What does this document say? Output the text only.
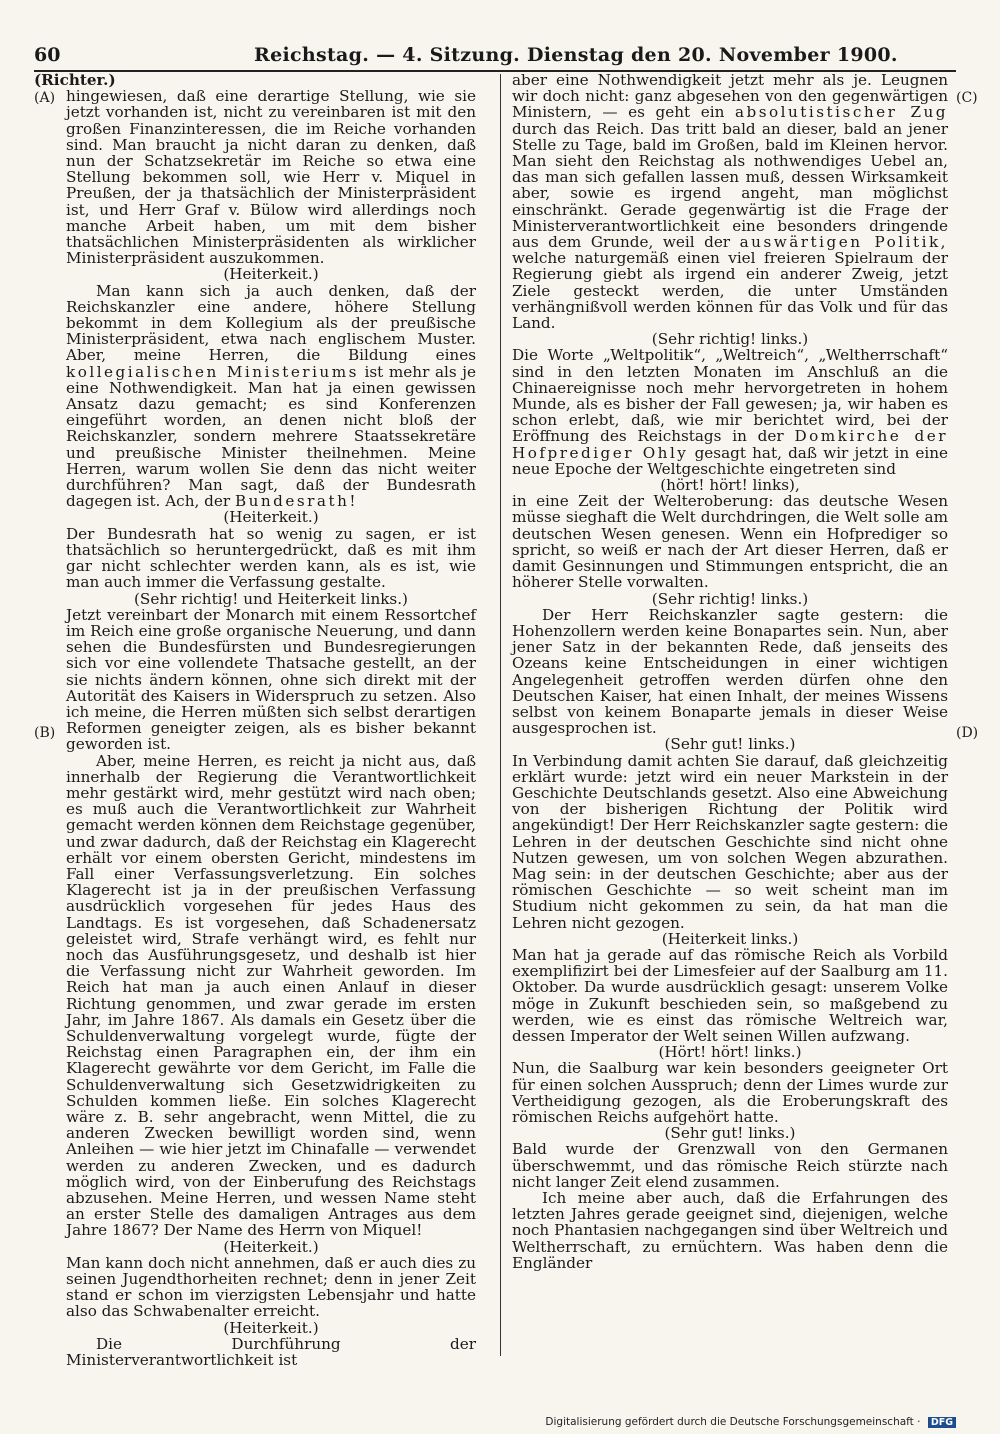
60	Reichstag. — 4. Sitzung. Dienstag den 20. November 1900.
(A)
(B)
(C)
(D)

(Richter.)

hingewiesen, daß eine derartige Stellung, wie sie jetzt vorhanden ist, nicht zu vereinbaren ist mit den großen Finanzinteressen, die im Reiche vorhanden sind. Man braucht ja nicht daran zu denken, daß nun der Schatzsekretär im Reiche so etwa eine Stellung bekommen soll, wie Herr v. Miquel in Preußen, der ja thatsächlich der Ministerpräsident ist, und Herr Graf v. Bülow wird allerdings noch manche Arbeit haben, um mit dem bisher thatsächlichen Ministerpräsidenten als wirklicher Ministerpräsident auszukommen.

(Heiterkeit.)

Man kann sich ja auch denken, daß der Reichskanzler eine andere, höhere Stellung bekommt in dem Kollegium als der preußische Ministerpräsident, etwa nach englischem Muster. Aber, meine Herren, die Bildung eines kollegialischen Ministeriums ist mehr als je eine Nothwendigkeit. Man hat ja einen gewissen Ansatz dazu gemacht; es sind Konferenzen eingeführt worden, an denen nicht bloß der Reichskanzler, sondern mehrere Staatssekretäre und preußische Minister theilnehmen. Meine Herren, warum wollen Sie denn das nicht weiter durchführen? Man sagt, daß der Bundesrath dagegen ist. Ach, der Bundesrath!

(Heiterkeit.)

Der Bundesrath hat so wenig zu sagen, er ist thatsächlich so heruntergedrückt, daß es mit ihm gar nicht schlechter werden kann, als es ist, wie man auch immer die Verfassung gestalte.

(Sehr richtig! und Heiterkeit links.)

Jetzt vereinbart der Monarch mit einem Ressortchef im Reich eine große organische Neuerung, und dann sehen die Bundesfürsten und Bundesregierungen sich vor eine vollendete Thatsache gestellt, an der sie nichts ändern können, ohne sich direkt mit der Autorität des Kaisers in Widerspruch zu setzen. Also ich meine, die Herren müßten sich selbst derartigen Reformen geneigter zeigen, als es bisher bekannt geworden ist.

Aber, meine Herren, es reicht ja nicht aus, daß innerhalb der Regierung die Verantwortlichkeit mehr gestärkt wird, mehr gestützt wird nach oben; es muß auch die Verantwortlichkeit zur Wahrheit gemacht werden können dem Reichstage gegenüber, und zwar dadurch, daß der Reichstag ein Klagerecht erhält vor einem obersten Gericht, mindestens im Fall einer Verfassungsverletzung. Ein solches Klagerecht ist ja in der preußischen Verfassung ausdrücklich vorgesehen für jedes Haus des Landtags. Es ist vorgesehen, daß Schadenersatz geleistet wird, Strafe verhängt wird, es fehlt nur noch das Ausführungsgesetz, und deshalb ist hier die Verfassung nicht zur Wahrheit geworden. Im Reich hat man ja auch einen Anlauf in dieser Richtung genommen, und zwar gerade im ersten Jahr, im Jahre 1867. Als damals ein Gesetz über die Schuldenverwaltung vorgelegt wurde, fügte der Reichstag einen Paragraphen ein, der ihm ein Klagerecht gewährte vor dem Gericht, im Falle die Schuldenverwaltung sich Gesetzwidrigkeiten zu Schulden kommen ließe. Ein solches Klagerecht wäre z. B. sehr angebracht, wenn Mittel, die zu anderen Zwecken bewilligt worden sind, wenn Anleihen — wie hier jetzt im Chinafalle — verwendet werden zu anderen Zwecken, und es dadurch möglich wird, von der Einberufung des Reichstags abzusehen. Meine Herren, und wessen Name steht an erster Stelle des damaligen Antrages aus dem Jahre 1867? Der Name des Herrn von Miquel!

(Heiterkeit.)

Man kann doch nicht annehmen, daß er auch dies zu seinen Jugendthorheiten rechnet; denn in jener Zeit stand er schon im vierzigsten Lebensjahr und hatte also das Schwabenalter erreicht.

(Heiterkeit.)

Die Durchführung der Ministerverantwortlichkeit ist

aber eine Nothwendigkeit jetzt mehr als je. Leugnen wir doch nicht: ganz abgesehen von den gegenwärtigen Ministern, — es geht ein absolutistischer Zug durch das Reich. Das tritt bald an dieser, bald an jener Stelle zu Tage, bald im Großen, bald im Kleinen hervor. Man sieht den Reichstag als nothwendiges Uebel an, das man sich gefallen lassen muß, dessen Wirksamkeit aber, sowie es irgend angeht, man möglichst einschränkt. Gerade gegenwärtig ist die Frage der Ministerverantwortlichkeit eine besonders dringende aus dem Grunde, weil der auswärtigen Politik, welche naturgemäß einen viel freieren Spielraum der Regierung giebt als irgend ein anderer Zweig, jetzt Ziele gesteckt werden, die unter Umständen verhängnißvoll werden können für das Volk und für das Land.

(Sehr richtig! links.)

Die Worte „Weltpolitik“, „Weltreich“, „Weltherrschaft“ sind in den letzten Monaten im Anschluß an die Chinaereignisse noch mehr hervorgetreten in hohem Munde, als es bisher der Fall gewesen; ja, wir haben es schon erlebt, daß, wie mir berichtet wird, bei der Eröffnung des Reichstags in der Domkirche der Hofprediger Ohly gesagt hat, daß wir jetzt in eine neue Epoche der Weltgeschichte eingetreten sind

(hört! hört! links),

in eine Zeit der Welteroberung: das deutsche Wesen müsse sieghaft die Welt durchdringen, die Welt solle am deutschen Wesen genesen. Wenn ein Hofprediger so spricht, so weiß er nach der Art dieser Herren, daß er damit Gesinnungen und Stimmungen entspricht, die an höherer Stelle vorwalten.

(Sehr richtig! links.)

Der Herr Reichskanzler sagte gestern: die Hohenzollern werden keine Bonapartes sein. Nun, aber jener Satz in der bekannten Rede, daß jenseits des Ozeans keine Entscheidungen in einer wichtigen Angelegenheit getroffen werden dürfen ohne den Deutschen Kaiser, hat einen Inhalt, der meines Wissens selbst von keinem Bonaparte jemals in dieser Weise ausgesprochen ist.

(Sehr gut! links.)

In Verbindung damit achten Sie darauf, daß gleichzeitig erklärt wurde: jetzt wird ein neuer Markstein in der Geschichte Deutschlands gesetzt. Also eine Abweichung von der bisherigen Richtung der Politik wird angekündigt! Der Herr Reichskanzler sagte gestern: die Lehren in der deutschen Geschichte sind nicht ohne Nutzen gewesen, um von solchen Wegen abzurathen. Mag sein: in der deutschen Geschichte; aber aus der römischen Geschichte — so weit scheint man im Studium nicht gekommen zu sein, da hat man die Lehren nicht gezogen.

(Heiterkeit links.)

Man hat ja gerade auf das römische Reich als Vorbild exemplifizirt bei der Limesfeier auf der Saalburg am 11. Oktober. Da wurde ausdrücklich gesagt: unserem Volke möge in Zukunft beschieden sein, so maßgebend zu werden, wie es einst das römische Weltreich war, dessen Imperator der Welt seinen Willen aufzwang.

(Hört! hört! links.)

Nun, die Saalburg war kein besonders geeigneter Ort für einen solchen Ausspruch; denn der Limes wurde zur Vertheidigung gezogen, als die Eroberungskraft des römischen Reichs aufgehört hatte.

(Sehr gut! links.)

Bald wurde der Grenzwall von den Germanen überschwemmt, und das römische Reich stürzte nach nicht langer Zeit elend zusammen.

Ich meine aber auch, daß die Erfahrungen des letzten Jahres gerade geeignet sind, diejenigen, welche noch Phantasien nachgegangen sind über Weltreich und Weltherrschaft, zu ernüchtern. Was haben denn die Engländer

Digitalisierung gefördert durch die Deutsche Forschungsgemeinschaft · DFG
